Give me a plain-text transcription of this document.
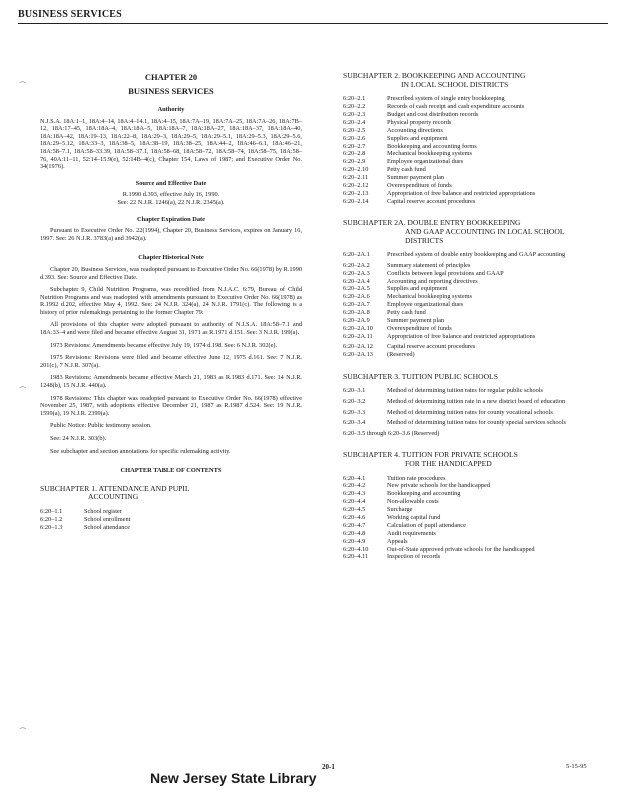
BUSINESS SERVICES
⁀
⁀
⁀
CHAPTER 20
BUSINESS SERVICES
Authority

N.J.S.A. 18A:1–1, 18A:4–14, 18A:4–14.1, 18A:4–15, 18A:7A–19, 18A:7A–25, 18A:7A–26, 18A:7B–12, 18A:17–45, 18A:18A–4, 18A:18A–5, 18A:18A–7, 18A:18A–27, 18A:18A–37, 18A:18A–40, 18A:18A–42, 18A:19–13, 18A:22–8, 18A:29–3, 18A:29–5, 18A:29–5.1, 18A:29–5.3, 18A:29–5.6, 18A:29–5.12, 18A:33–3, 18A:38–5, 18A:38–19, 18A:38–25, 18A:44–2, 18A:46–6.1, 18A:46–21, 18A:58–7.1, 18A:58–33.39, 18A:58–37.1, 18A:58–68, 18A:58–72, 18A:58–74, 18A:58–75, 18A:58–76, 40A:11–11, 52:14–15.9(e), 52:14B–4(c), Chapter 154, Laws of 1987; and Executive Order No. 34(1976).

Source and Effective Date
R.1990 d.393, effective July 16, 1990.
See: 22 N.J.R. 1246(a), 22 N.J.R. 2345(a).
Chapter Expiration Date

Pursuant to Executive Order No. 22(1994), Chapter 20, Business Services, expires on January 16, 1997. See: 26 N.J.R. 3783(a) and 3942(a).

Chapter Historical Note

Chapter 20, Business Services, was readopted pursuant to Executive Order No. 66(1978) by R.1990 d.393. See: Source and Effective Date.

Subchapter 9, Child Nutrition Programs, was recodified from N.J.A.C. 6:79, Bureau of Child Nutrition Programs and was readopted with amendments pursuant to Executive Order No. 66(1978) as R.1992 d.202, effective May 4, 1992. See: 24 N.J.R. 324(a), 24 N.J.R. 1791(c). The following is a history of prior rulemakings pertaining to the former Chapter 79:

All provisions of this chapter were adopted pursuant to authority of N.J.S.A. 18A:58–7.1 and 18A:33–4 and were filed and became effective August 31, 1971 as R.1971 d.151. See: 3 N.J.R. 199(a).

1973 Revisions: Amendments became effective July 19, 1974 d.198. See: 6 N.J.R. 302(e).

1975 Revisions: Revisions were filed and became effective June 12, 1975 d.161. See: 7 N.J.R. 201(c), 7 N.J.R. 307(a).

1983 Revisions: Amendments became effective March 21, 1983 as R.1983 d.171. See: 14 N.J.R. 1248(b), 15 N.J.R. 440(a).

1978 Revisions: This chapter was readopted pursuant to Executive Order No. 66(1978) effective November 25, 1987, with adoptions effective December 21, 1987 as R.1987 d.524. See: 19 N.J.R. 1599(a), 19 N.J.R. 2399(a).

Public Notice: Public testimony session.

See: 24 N.J.R. 303(b).

See subchapter and section annotations for specific rulemaking activity.

CHAPTER TABLE OF CONTENTS
SUBCHAPTER 1. ATTENDANCE AND PUPIL
ACCOUNTING
6:20–1.1	School register
6:20–1.2	School enrollment
6:20–1.3	School attendance
SUBCHAPTER 2. BOOKKEEPING AND ACCOUNTING
IN LOCAL SCHOOL DISTRICTS
6:20–2.1	Prescribed system of single entry bookkeeping
6:20–2.2	Records of cash receipt and cash expenditure accounts
6:20–2.3	Budget and cost distribution records
6:20–2.4	Physical property records
6:20–2.5	Accounting directions
6:20–2.6	Supplies and equipment
6:20–2.7	Bookkeeping and accounting forms
6:20–2.8	Mechanical bookkeeping systems
6:20–2.9	Employee organizational dues
6:20–2.10	Petty cash fund
6:20–2.11	Summer payment plan
6:20–2.12	Overexpenditure of funds
6:20–2.13	Appropriation of free balance and restricted appropriations
6:20–2.14	Capital reserve account procedures
SUBCHAPTER 2A. DOUBLE ENTRY BOOKKEEPING
AND GAAP ACCOUNTING IN LOCAL SCHOOL
DISTRICTS
6:20–2A.1	Prescribed system of double entry bookkeeping and GAAP accounting
6:20–2A.2	Summary statement of principles
6:20–2A.3	Conflicts between legal provisions and GAAP
6:20–2A.4	Accounting and reporting directives
6:20–2A.5	Supplies and equipment
6:20–2A.6	Mechanical bookkeeping systems
6:20–2A.7	Employee organizational dues
6:20–2A.8	Petty cash fund
6:20–2A.9	Summer payment plan
6:20–2A.10	Overexpenditure of funds
6:20–2A.11	Appropriation of free balance and restricted appropriations
6:20–2A.12	Capital reserve account procedures
6:20–2A.13	(Reserved)
SUBCHAPTER 3. TUITION PUBLIC SCHOOLS
6:20–3.1	Method of determining tuition rates for regular public schools
6:20–3.2	Method of determining tuition rate in a new district board of education
6:20–3.3	Method of determining tuition rates for county vocational schools
6:20–3.4	Method of determining tuition rates for county special services schools
6:20–3.5 through 6:20–3.6 (Reserved)
SUBCHAPTER 4. TUITION FOR PRIVATE SCHOOLS
FOR THE HANDICAPPED
6:20–4.1	Tuition rate procedures
6:20–4.2	New private schools for the handicapped
6:20–4.3	Bookkeeping and accounting
6:20–4.4	Non-allowable costs
6:20–4.5	Surcharge
6:20–4.6	Working capital fund
6:20–4.7	Calculation of pupil attendance
6:20–4.8	Audit requirements
6:20–4.9	Appeals
6:20–4.10	Out-of-State approved private schools for the handicapped
6:20–4.11	Inspection of records
New Jersey State Library
20-1	5-15-95
